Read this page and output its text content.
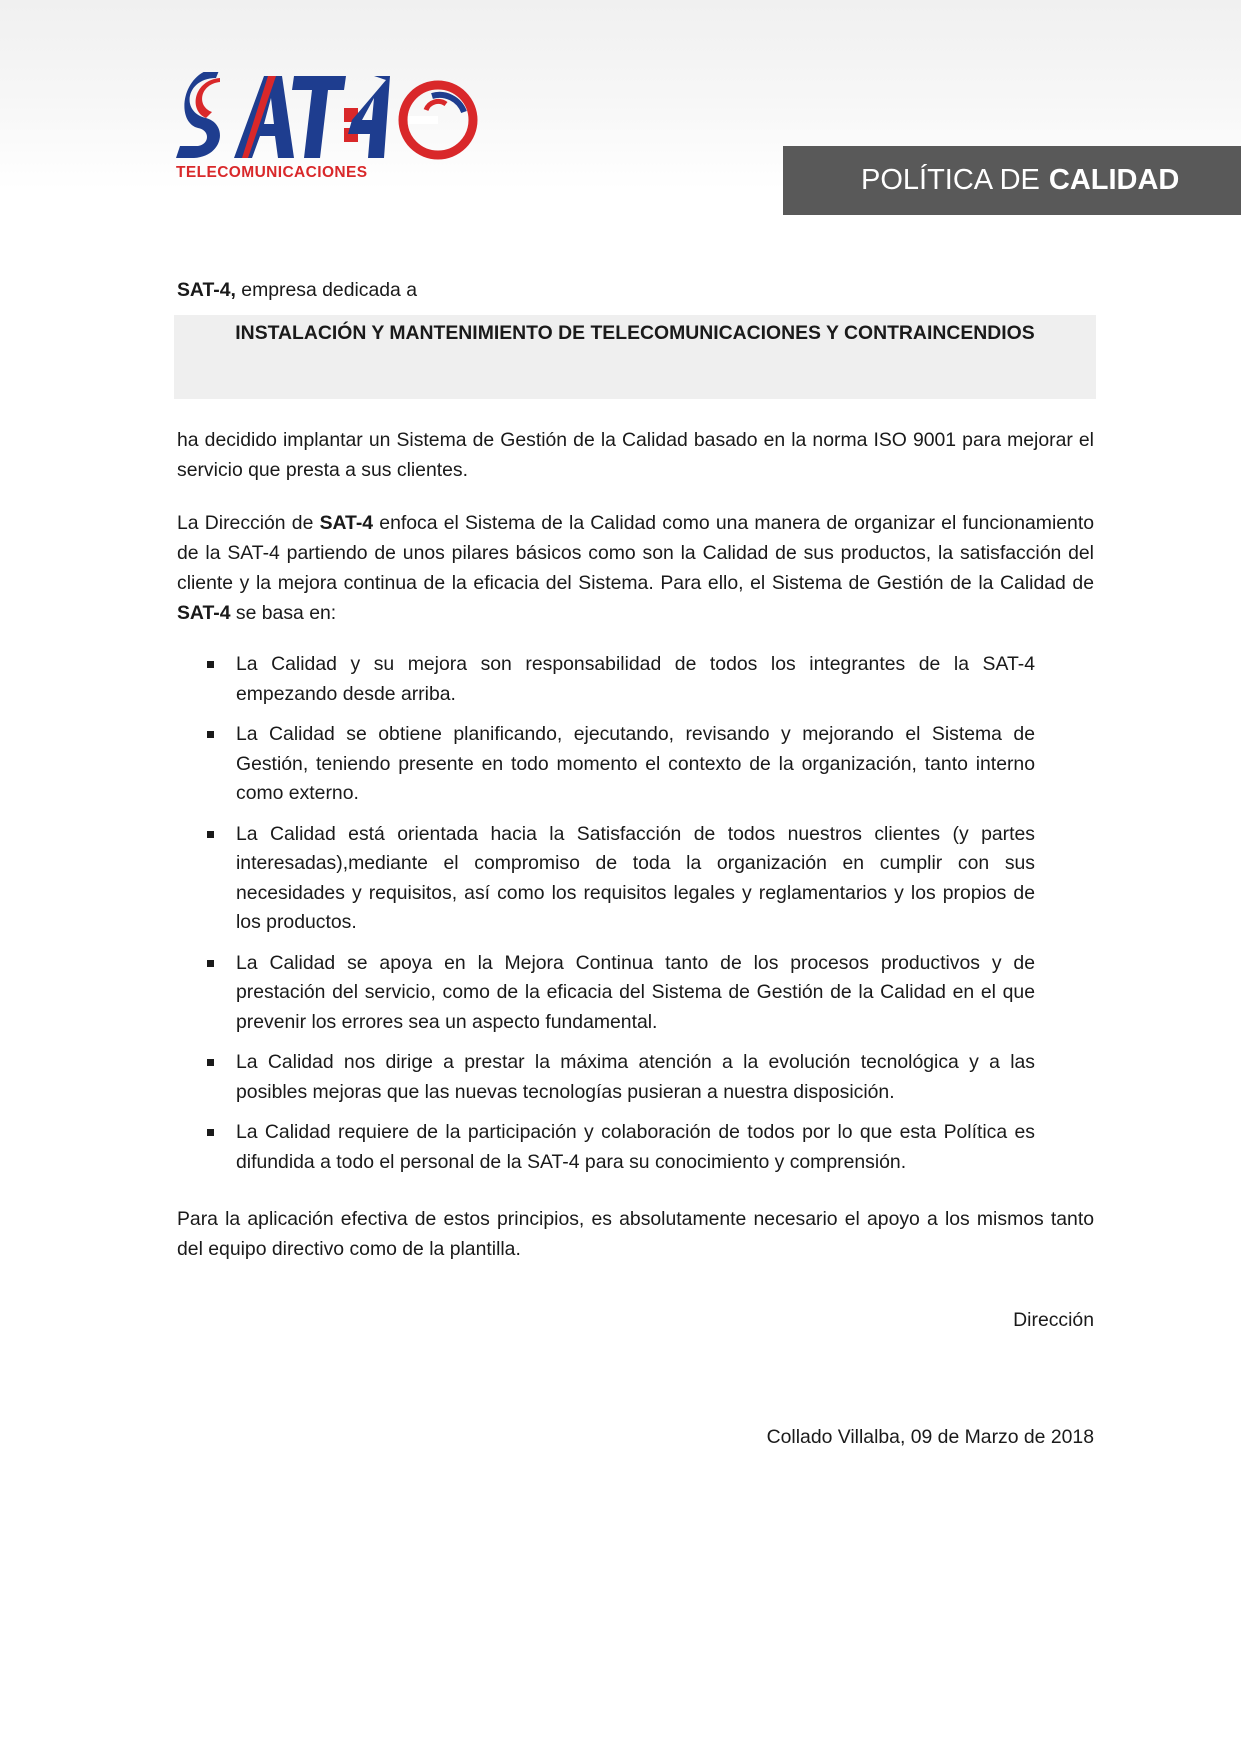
TELECOMUNICACIONES	POLÍTICA DE CALIDAD
SAT-4, empresa dedicada a
INSTALACIÓN Y MANTENIMIENTO DE TELECOMUNICACIONES Y CONTRAINCENDIOS
ha decidido implantar un Sistema de Gestión de la Calidad basado en la norma ISO 9001 para mejorar el servicio que presta a sus clientes.
La Dirección de SAT-4 enfoca el Sistema de la Calidad como una manera de organizar el funcionamiento de la SAT-4 partiendo de unos pilares básicos como son la Calidad de sus productos, la satisfacción del cliente y la mejora continua de la eficacia del Sistema. Para ello, el Sistema de Gestión de la Calidad de SAT-4 se basa en:
La Calidad y su mejora son responsabilidad de todos los integrantes de la SAT-4 empezando desde arriba.
La Calidad se obtiene planificando, ejecutando, revisando y mejorando el Sistema de Gestión, teniendo presente en todo momento el contexto de la organización, tanto interno como externo.
La Calidad está orientada hacia la Satisfacción de todos nuestros clientes (y partes interesadas),mediante el compromiso de toda la organización en cumplir con sus necesidades y requisitos, así como los requisitos legales y reglamentarios y los propios de los productos.
La Calidad se apoya en la Mejora Continua tanto de los procesos productivos y de prestación del servicio, como de la eficacia del Sistema de Gestión de la Calidad en el que prevenir los errores sea un aspecto fundamental.
La Calidad nos dirige a prestar la máxima atención a la evolución tecnológica y a las posibles mejoras que las nuevas tecnologías pusieran a nuestra disposición.
La Calidad requiere de la participación y colaboración de todos por lo que esta Política es difundida a todo el personal de la SAT-4 para su conocimiento y comprensión.
Para la aplicación efectiva de estos principios, es absolutamente necesario el apoyo a los mismos tanto del equipo directivo como de la plantilla.
Dirección
Collado Villalba, 09 de Marzo de 2018
